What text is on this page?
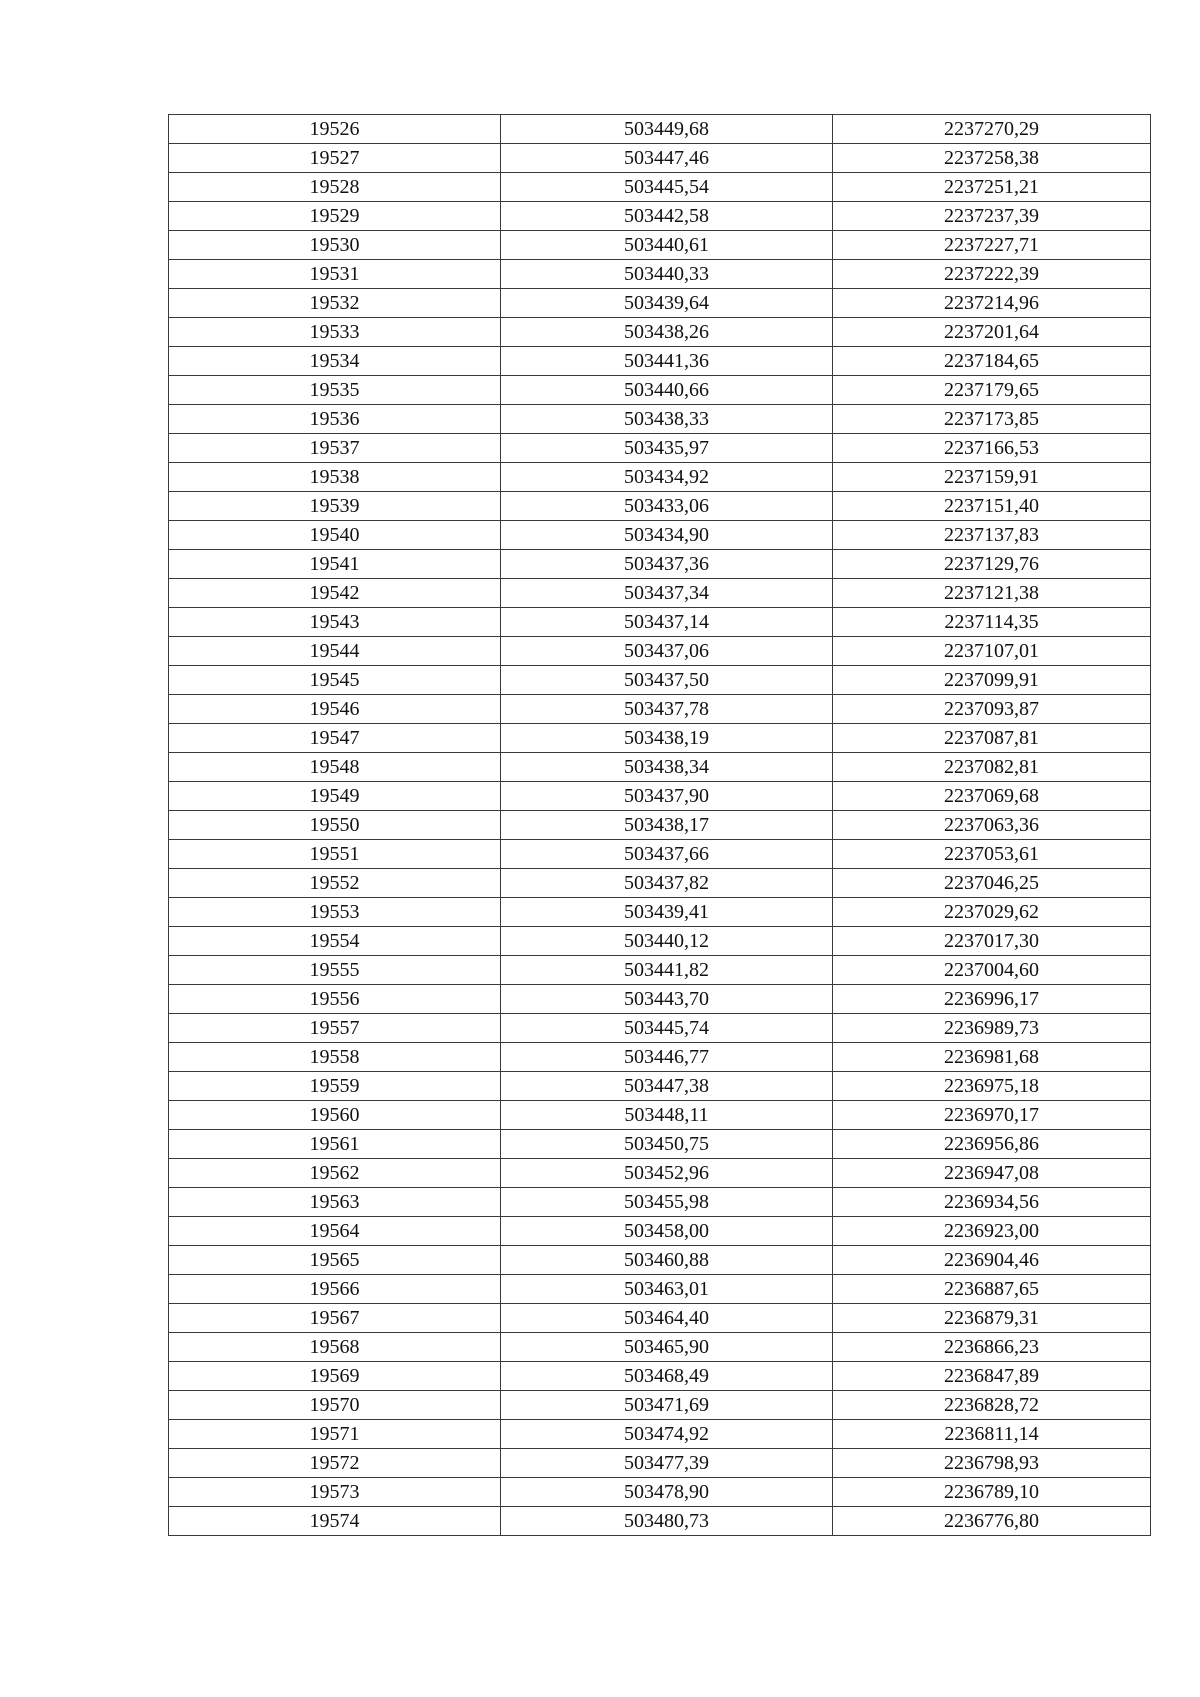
19526	503449,68	2237270,29
19527	503447,46	2237258,38
19528	503445,54	2237251,21
19529	503442,58	2237237,39
19530	503440,61	2237227,71
19531	503440,33	2237222,39
19532	503439,64	2237214,96
19533	503438,26	2237201,64
19534	503441,36	2237184,65
19535	503440,66	2237179,65
19536	503438,33	2237173,85
19537	503435,97	2237166,53
19538	503434,92	2237159,91
19539	503433,06	2237151,40
19540	503434,90	2237137,83
19541	503437,36	2237129,76
19542	503437,34	2237121,38
19543	503437,14	2237114,35
19544	503437,06	2237107,01
19545	503437,50	2237099,91
19546	503437,78	2237093,87
19547	503438,19	2237087,81
19548	503438,34	2237082,81
19549	503437,90	2237069,68
19550	503438,17	2237063,36
19551	503437,66	2237053,61
19552	503437,82	2237046,25
19553	503439,41	2237029,62
19554	503440,12	2237017,30
19555	503441,82	2237004,60
19556	503443,70	2236996,17
19557	503445,74	2236989,73
19558	503446,77	2236981,68
19559	503447,38	2236975,18
19560	503448,11	2236970,17
19561	503450,75	2236956,86
19562	503452,96	2236947,08
19563	503455,98	2236934,56
19564	503458,00	2236923,00
19565	503460,88	2236904,46
19566	503463,01	2236887,65
19567	503464,40	2236879,31
19568	503465,90	2236866,23
19569	503468,49	2236847,89
19570	503471,69	2236828,72
19571	503474,92	2236811,14
19572	503477,39	2236798,93
19573	503478,90	2236789,10
19574	503480,73	2236776,80
